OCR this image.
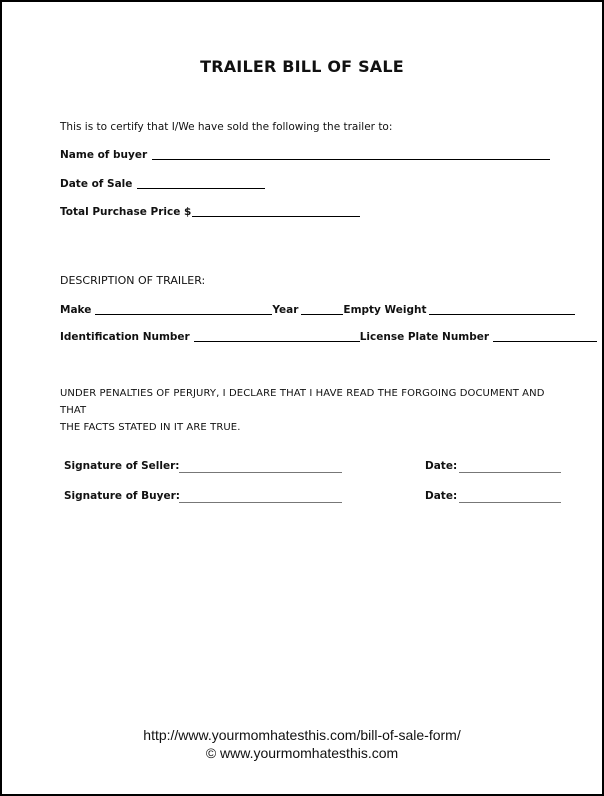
TRAILER BILL OF SALE
This is to certify that I/We have sold the following the trailer to:
Name of buyer
Date of Sale
Total Purchase Price $
DESCRIPTION OF TRAILER:
Make	Year	Empty Weight
Identification Number	License Plate Number
UNDER PENALTIES OF PERJURY, I DECLARE THAT I HAVE READ THE FORGOING DOCUMENT AND THAT
THE FACTS STATED IN IT ARE TRUE.
Signature of Seller:	Date:
Signature of Buyer:	Date:
http://www.yourmomhatesthis.com/bill-of-sale-form/
© www.yourmomhatesthis.com
